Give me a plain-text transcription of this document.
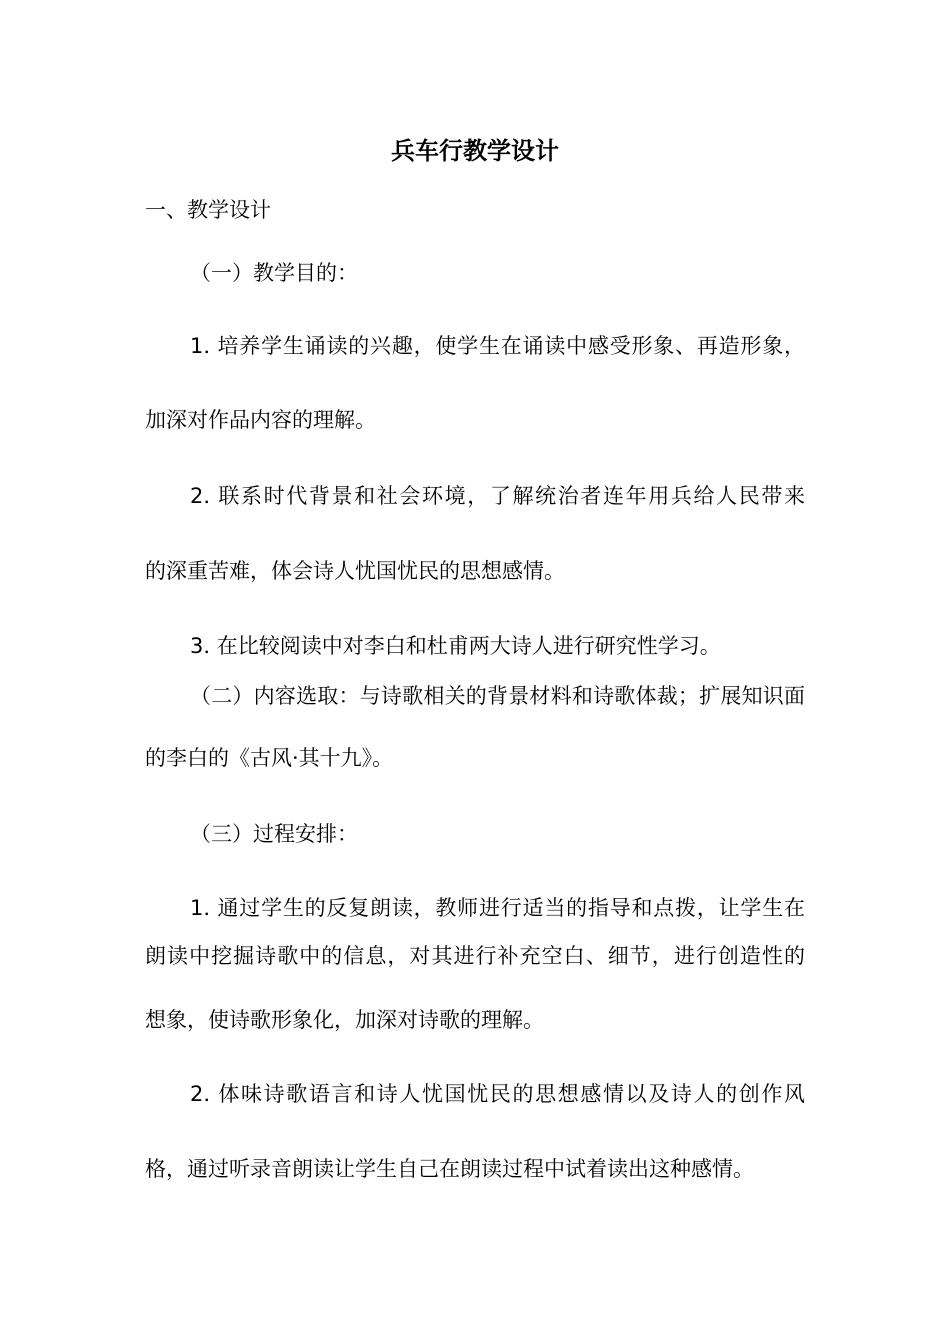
兵车行教学设计
一、教学设计
（一）教学目的：
1. 培养学生诵读的兴趣，使学生在诵读中感受形象、再造形象，
加深对作品内容的理解。
2. 联系时代背景和社会环境，了解统治者连年用兵给人民带来
的深重苦难，体会诗人忧国忧民的思想感情。
3. 在比较阅读中对李白和杜甫两大诗人进行研究性学习。
（二）内容选取：与诗歌相关的背景材料和诗歌体裁；扩展知识面
的李白的《古风·其十九》。
（三）过程安排：
1. 通过学生的反复朗读，教师进行适当的指导和点拨，让学生在
朗读中挖掘诗歌中的信息，对其进行补充空白、细节，进行创造性的
想象，使诗歌形象化，加深对诗歌的理解。
2. 体味诗歌语言和诗人忧国忧民的思想感情以及诗人的创作风
格，通过听录音朗读让学生自己在朗读过程中试着读出这种感情。
